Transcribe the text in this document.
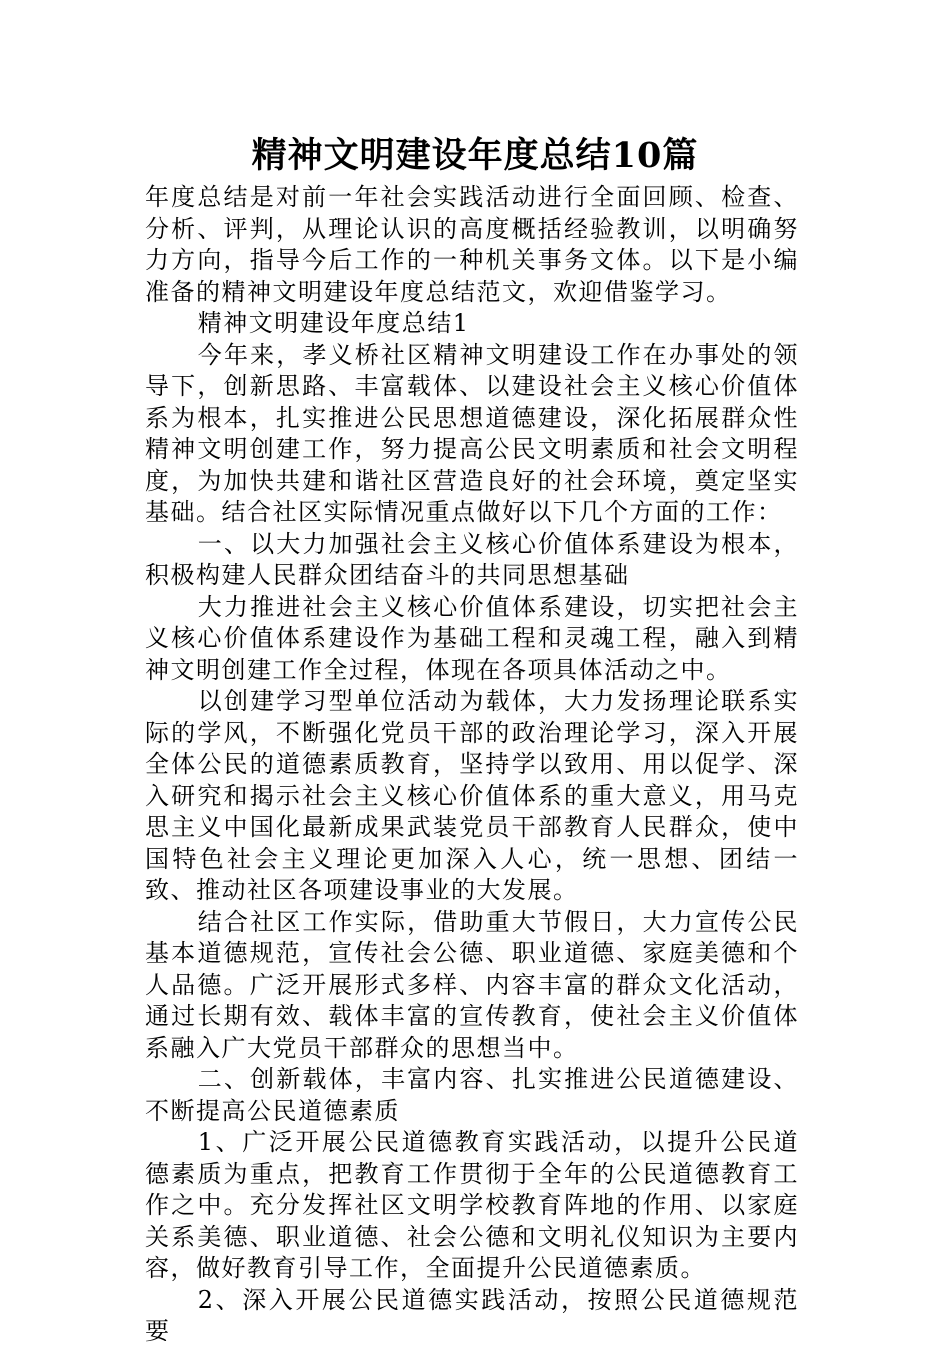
精神文明建设年度总结10篇

年度总结是对前一年社会实践活动进行全面回顾、检查、分析、评判，从理论认识的高度概括经验教训，以明确努力方向，指导今后工作的一种机关事务文体。以下是小编准备的精神文明建设年度总结范文，欢迎借鉴学习。

精神文明建设年度总结1

今年来，孝义桥社区精神文明建设工作在办事处的领导下，创新思路、丰富载体、以建设社会主义核心价值体系为根本，扎实推进公民思想道德建设，深化拓展群众性精神文明创建工作，努力提高公民文明素质和社会文明程度，为加快共建和谐社区营造良好的社会环境，奠定坚实基础。结合社区实际情况重点做好以下几个方面的工作：

一、以大力加强社会主义核心价值体系建设为根本，积极构建人民群众团结奋斗的共同思想基础

大力推进社会主义核心价值体系建设，切实把社会主义核心价值体系建设作为基础工程和灵魂工程，融入到精神文明创建工作全过程，体现在各项具体活动之中。

以创建学习型单位活动为载体，大力发扬理论联系实际的学风，不断强化党员干部的政治理论学习，深入开展全体公民的道德素质教育，坚持学以致用、用以促学、深入研究和揭示社会主义核心价值体系的重大意义，用马克思主义中国化最新成果武装党员干部教育人民群众，使中国特色社会主义理论更加深入人心，统一思想、团结一致、推动社区各项建设事业的大发展。

结合社区工作实际，借助重大节假日，大力宣传公民基本道德规范，宣传社会公德、职业道德、家庭美德和个人品德。广泛开展形式多样、内容丰富的群众文化活动，通过长期有效、载体丰富的宣传教育，使社会主义价值体系融入广大党员干部群众的思想当中。

二、创新载体，丰富内容、扎实推进公民道德建设、不断提高公民道德素质

1、广泛开展公民道德教育实践活动，以提升公民道德素质为重点，把教育工作贯彻于全年的公民道德教育工作之中。充分发挥社区文明学校教育阵地的作用、以家庭关系美德、职业道德、社会公德和文明礼仪知识为主要内容，做好教育引导工作，全面提升公民道德素质。

2、深入开展公民道德实践活动，按照公民道德规范要
